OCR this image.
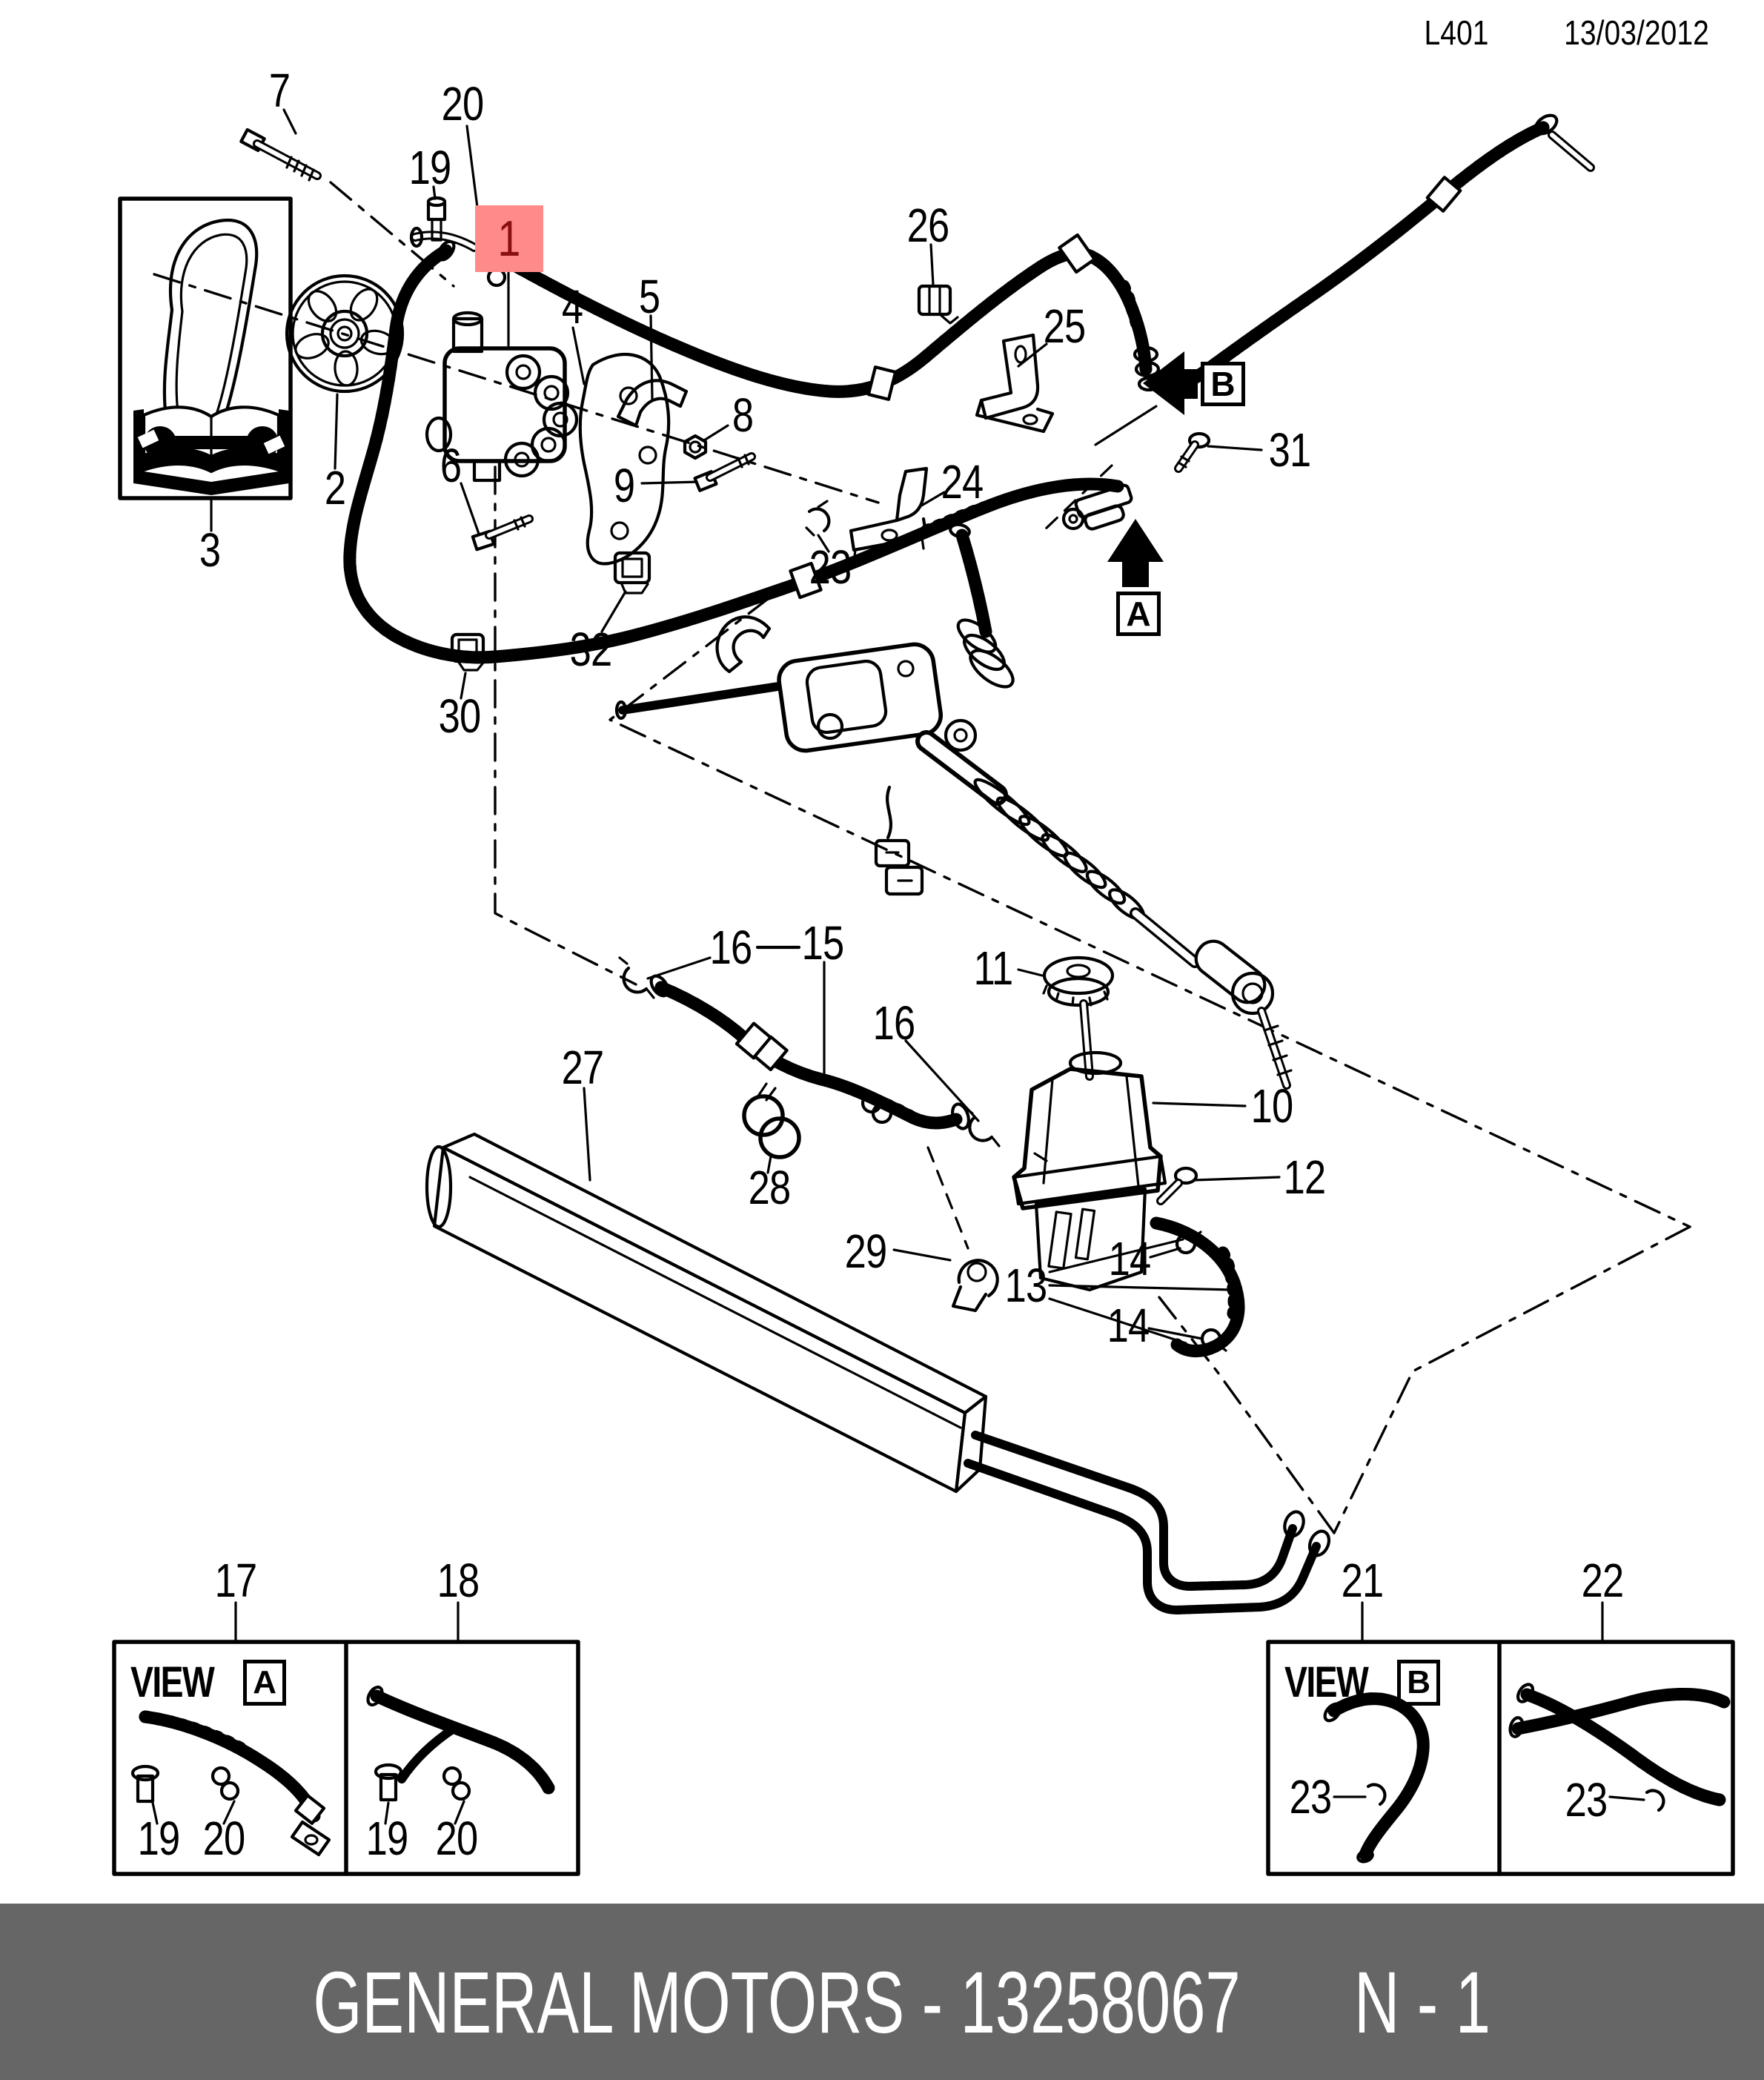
L401 13/03/2012
1
7	20
19
4 5
26
25
31
8
9
2 6
3	23
24
32
30
16 15	11
16
27
10
28	12
29	14
13
14
17	18	21	22
19 20	19 20
23	23
VIEW A	VIEW B
A
B
GENERAL MOTORS - 13258067 N - 1
